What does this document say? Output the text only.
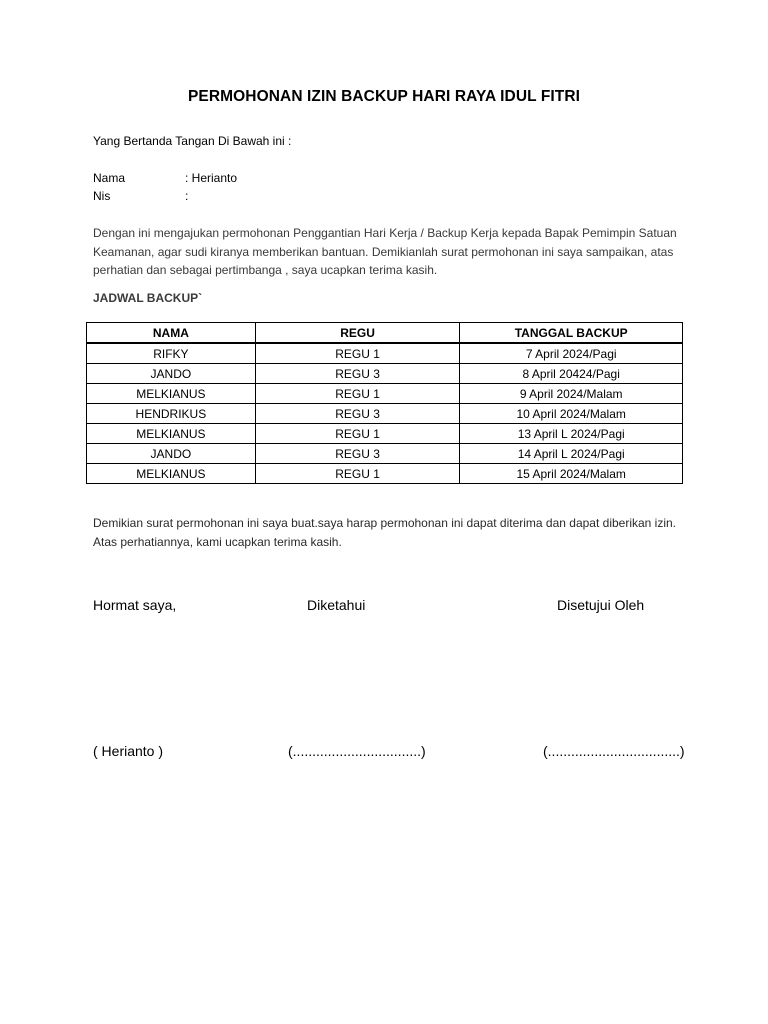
PERMOHONAN IZIN BACKUP HARI RAYA IDUL FITRI
Yang Bertanda Tangan Di Bawah ini :
Nama	: Herianto
Nis	:
Dengan ini mengajukan permohonan Penggantian Hari Kerja / Backup Kerja kepada Bapak Pemimpin Satuan
Keamanan, agar sudi kiranya memberikan bantuan. Demikianlah surat permohonan ini saya sampaikan, atas
perhatian dan sebagai pertimbanga , saya ucapkan terima kasih.
JADWAL BACKUP`
NAMA	REGU	TANGGAL BACKUP
RIFKY	REGU 1	7 April 2024/Pagi
JANDO	REGU 3	8 April 20424/Pagi
MELKIANUS	REGU 1	9 April 2024/Malam
HENDRIKUS	REGU 3	10 April 2024/Malam
MELKIANUS	REGU 1	13 April L 2024/Pagi
JANDO	REGU 3	14 April L 2024/Pagi
MELKIANUS	REGU 1	15 April 2024/Malam
Demikian surat permohonan ini saya buat.saya harap permohonan ini dapat diterima dan dapat diberikan izin.
Atas perhatiannya, kami ucapkan terima kasih.
Hormat saya,	Diketahui	Disetujui Oleh
( Herianto )	(.................................)	(..................................)
